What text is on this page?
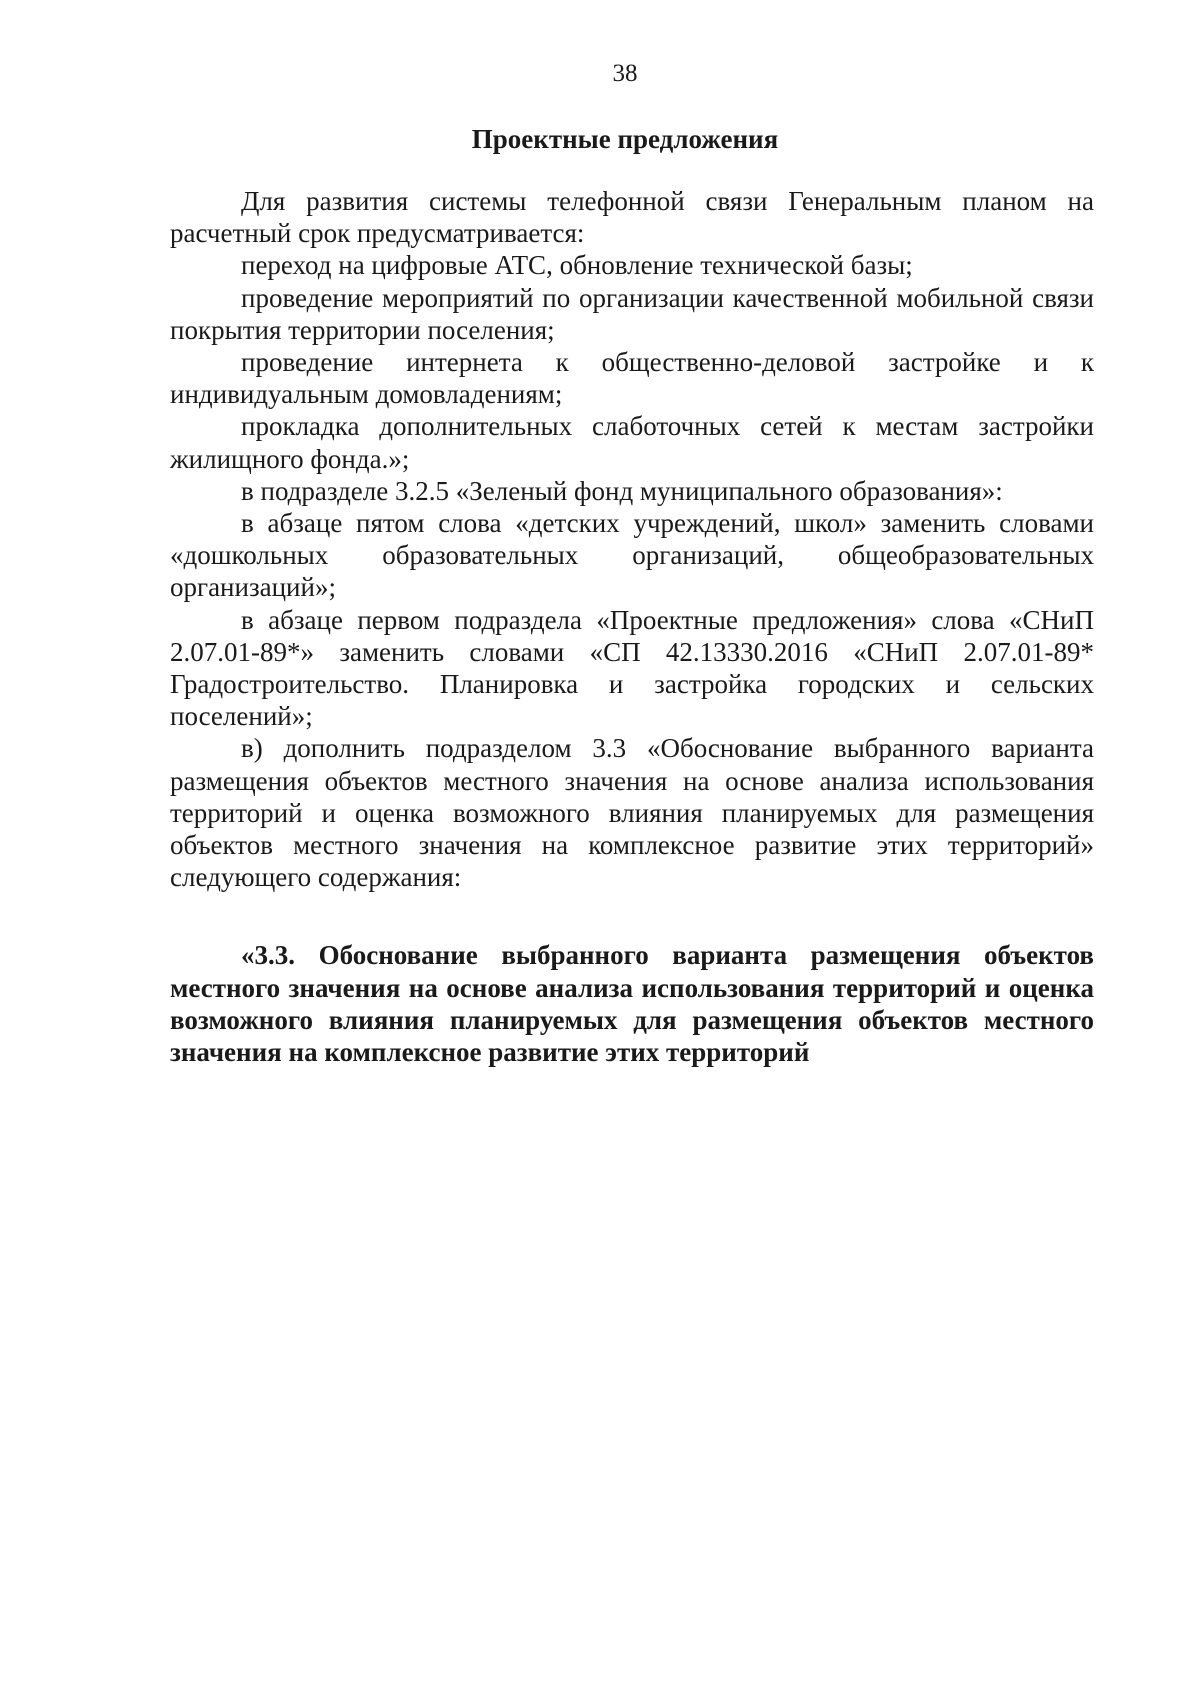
38
Проектные предложения

Для развития системы телефонной связи Генеральным планом на расчетный срок предусматривается:

переход на цифровые АТС, обновление технической базы;

проведение мероприятий по организации качественной мобильной связи покрытия территории поселения;

проведение интернета к общественно-деловой застройке и к индивидуальным домовладениям;

прокладка дополнительных слаботочных сетей к местам застройки жилищного фонда.»;

в подразделе 3.2.5 «Зеленый фонд муниципального образования»:

в абзаце пятом слова «детских учреждений, школ» заменить словами «дошкольных образовательных организаций, общеобразовательных организаций»;

в абзаце первом подраздела «Проектные предложения» слова «СНиП 2.07.01-89*» заменить словами «СП 42.13330.2016 «СНиП 2.07.01-89* Градостроительство. Планировка и застройка городских и сельских поселений»;

в) дополнить подразделом 3.3 «Обоснование выбранного варианта размещения объектов местного значения на основе анализа использования территорий и оценка возможного влияния планируемых для размещения объектов местного значения на комплексное развитие этих территорий» следующего содержания:

«3.3. Обоснование выбранного варианта размещения объектов местного значения на основе анализа использования территорий и оценка возможного влияния планируемых для размещения объектов местного значения на комплексное развитие этих территорий
